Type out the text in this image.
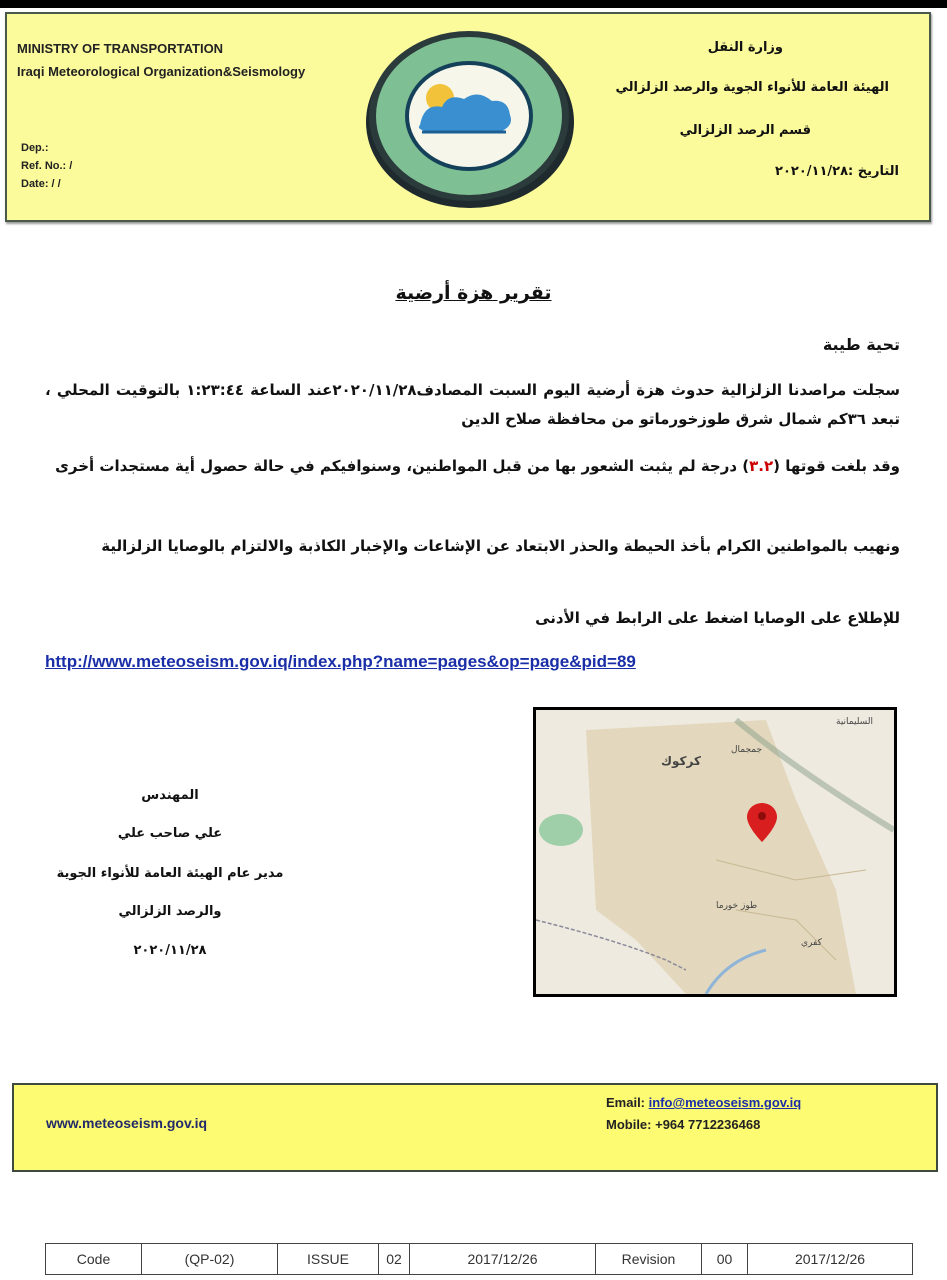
MINISTRY OF TRANSPORTATION
Iraqi Meteorological Organization&Seismology
Dep.:
Ref. No.: /
Date: / /
وزارة النقل
الهيئة العامة للأنواء الجوية والرصد الزلزالي
قسم الرصد الزلزالي
التاريخ :٢٠٢٠/١١/٢٨
تقرير هزة أرضية
تحية طيبة
سجلت مراصدنا الزلزالية حدوث هزة أرضية اليوم السبت المصادف٢٠٢٠/١١/٢٨عند الساعة ١:٢٣:٤٤ بالتوقيت المحلي ، تبعد ٣٦كم شمال شرق طوزخورماتو من محافظة صلاح الدين
وقد بلغت قوتها (٣.٢) درجة لم يثبت الشعور بها من قبل المواطنين، وسنوافيكم في حالة حصول أية مستجدات أخرى
ونهيب بالمواطنين الكرام بأخذ الحيطة والحذر الابتعاد عن الإشاعات والإخبار الكاذبة والالتزام بالوصايا الزلزالية
للإطلاع على الوصايا اضغط على الرابط في الأدنى
http://www.meteoseism.gov.iq/index.php?name=pages&op=page&pid=89
المهندس
علي صاحب علي
مدير عام الهيئة العامة للأنواء الجوية
والرصد الزلزالي
٢٠٢٠/١١/٢٨
كركوك
جمجمال
السليمانية
طوز خورما
كفري
www.meteoseism.gov.iq
Email: info@meteoseism.gov.iq
Mobile: +964 7712236468
Code	(QP-02)	ISSUE	02	2017/12/26	Revision	00	2017/12/26
